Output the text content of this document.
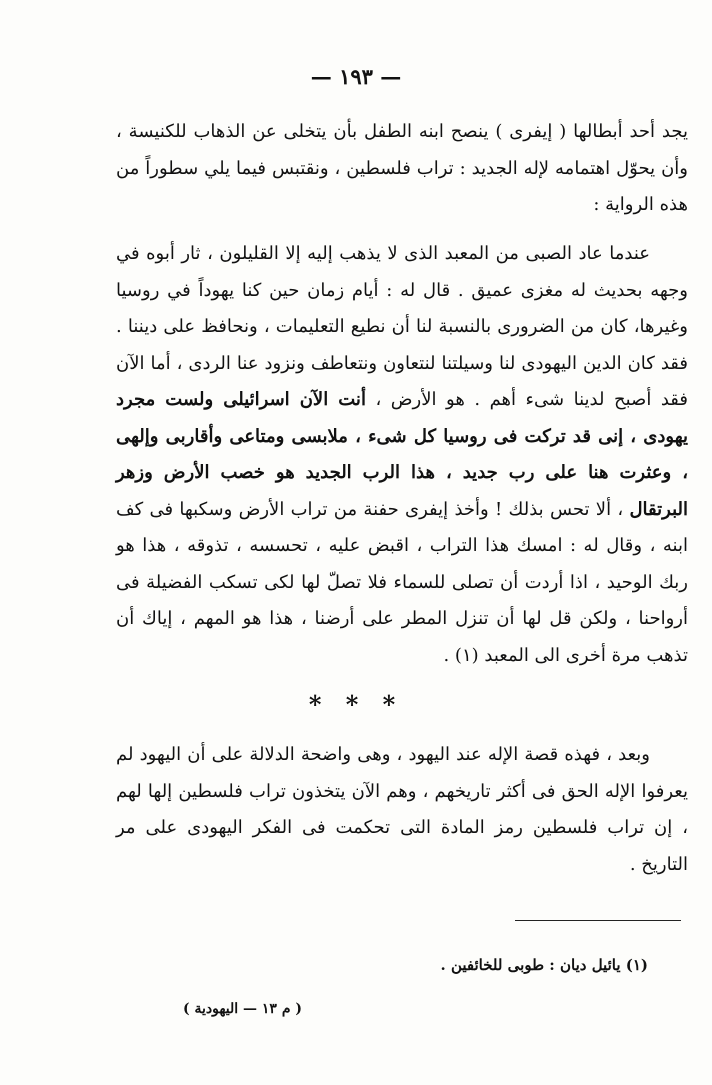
— ١٩٣ —

يجد أحد أبطالها ( إيفرى ) ينصح ابنه الطفل بأن يتخلى عن الذهاب للكنيسة ، وأن يحوّل اهتمامه لإله الجديد : تراب فلسطين ، ونقتبس فيما يلي سطوراً من هذه الرواية :

عندما عاد الصبى من المعبد الذى لا يذهب إليه إلا القليلون ، ثار أبوه في وجهه بحديث له مغزى عميق . قال له : أيام زمان حين كنا يهوداً في روسيا وغيرها، كان من الضرورى بالنسبة لنا أن نطيع التعليمات ، ونحافظ على ديننا . فقد كان الدين اليهودى لنا وسيلتنا لنتعاون ونتعاطف ونزود عنا الردى ، أما الآن فقد أصبح لدينا شىء أهم . هو الأرض ، أنت الآن اسرائيلى ولست مجرد يهودى ، إنى قد تركت فى روسيا كل شىء ، ملابسى ومتاعى وأقاربى وإلهى ، وعثرت هنا على رب جديد ، هذا الرب الجديد هو خصب الأرض وزهر البرتقال ، ألا تحس بذلك ! وأخذ إيفرى حفنة من تراب الأرض وسكبها فى كف ابنه ، وقال له : امسك هذا التراب ، اقبض عليه ، تحسسه ، تذوقه ، هذا هو ربك الوحيد ، اذا أردت أن تصلى للسماء فلا تصلّ لها لكى تسكب الفضيلة فى أرواحنا ، ولكن قل لها أن تنزل المطر على أرضنا ، هذا هو المهم ، إياك أن تذهب مرة أخرى الى المعبد (١) .

* * *

وبعد ، فهذه قصة الإله عند اليهود ، وهى واضحة الدلالة على أن اليهود لم يعرفوا الإله الحق فى أكثر تاريخهم ، وهم الآن يتخذون تراب فلسطين إلها لهم ، إن تراب فلسطين رمز المادة التى تحكمت فى الفكر اليهودى على مر التاريخ .

(١) يائيل ديان : طوبى للخائفين .
( م ١٣ — اليهودية )
